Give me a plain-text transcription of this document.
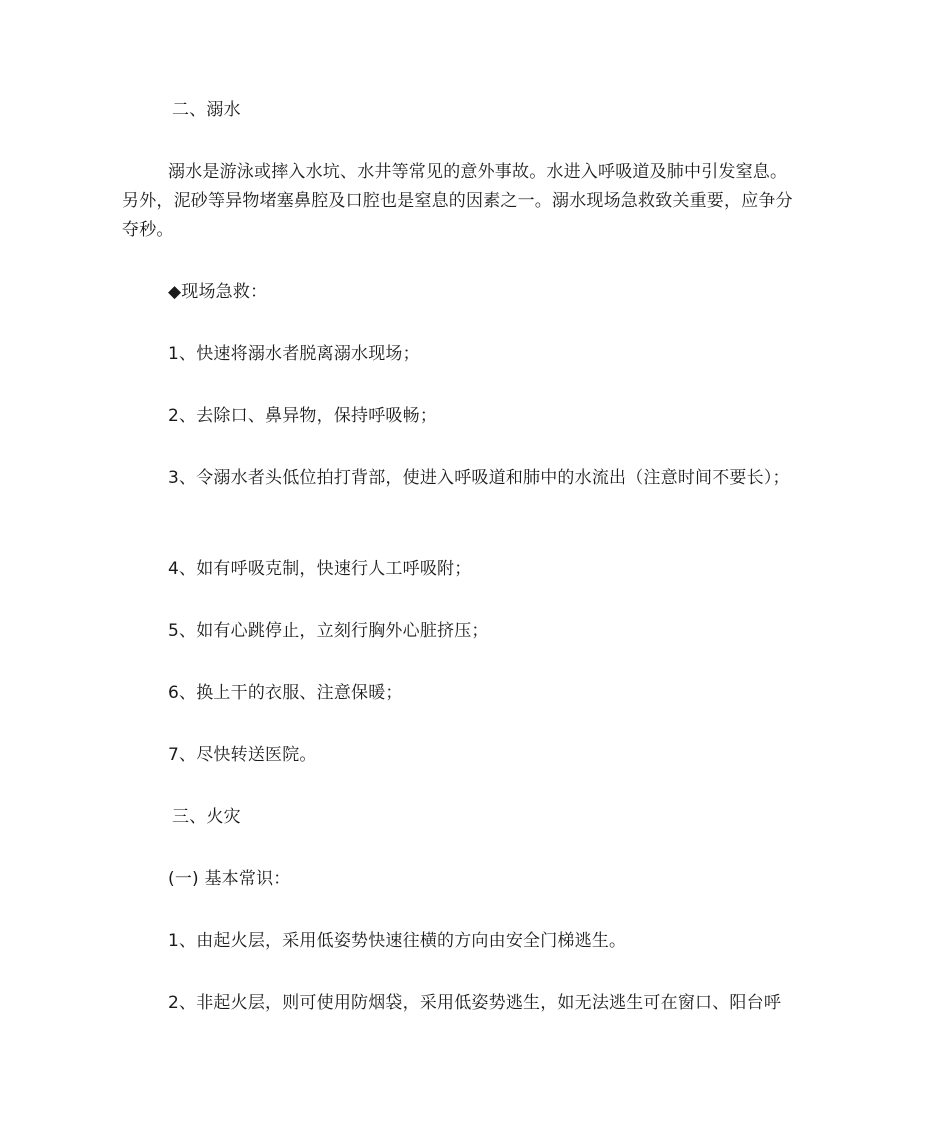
二、溺水
溺水是游泳或摔入水坑、水井等常见的意外事故。水进入呼吸道及肺中引发窒息。
另外，泥砂等异物堵塞鼻腔及口腔也是窒息的因素之一。溺水现场急救致关重要，应争分
夺秒。
◆现场急救：
1、快速将溺水者脱离溺水现场；
2、去除口、鼻异物，保持呼吸畅；
3、令溺水者头低位拍打背部，使进入呼吸道和肺中的水流出（注意时间不要长）；
4、如有呼吸克制，快速行人工呼吸附；
5、如有心跳停止，立刻行胸外心脏挤压；
6、换上干的衣服、注意保暖；
7、尽快转送医院。
三、火灾
(一) 基本常识：
1、由起火层，采用低姿势快速往横的方向由安全门梯逃生。
2、非起火层，则可使用防烟袋，采用低姿势逃生，如无法逃生可在窗口、阳台呼
